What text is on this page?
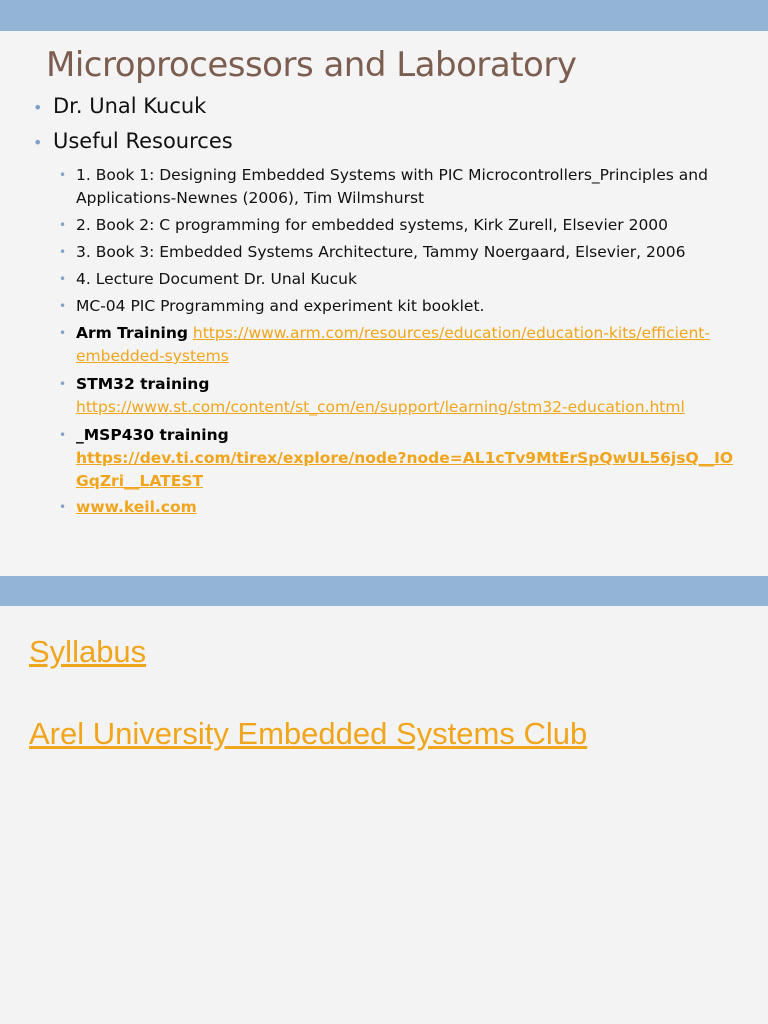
Microprocessors and Laboratory
• Dr. Unal Kucuk
• Useful Resources
• 1. Book 1: Designing Embedded Systems with PIC Microcontrollers_Principles and Applications-Newnes (2006), Tim Wilmshurst
• 2. Book 2: C programming for embedded systems, Kirk Zurell, Elsevier 2000
• 3. Book 3: Embedded Systems Architecture, Tammy Noergaard, Elsevier, 2006
• 4. Lecture Document Dr. Unal Kucuk
• MC-04 PIC Programming and experiment kit booklet.
• Arm Training https://www.arm.com/resources/education/education-kits/efficient-embedded-systems
• STM32 training
https://www.st.com/content/st_com/en/support/learning/stm32-education.html
• _MSP430 training
https://dev.ti.com/tirex/explore/node?node=AL1cTv9MtErSpQwUL56jsQ__IOGqZri__LATEST
• www.keil.com
Syllabus
Arel University Embedded Systems Club
